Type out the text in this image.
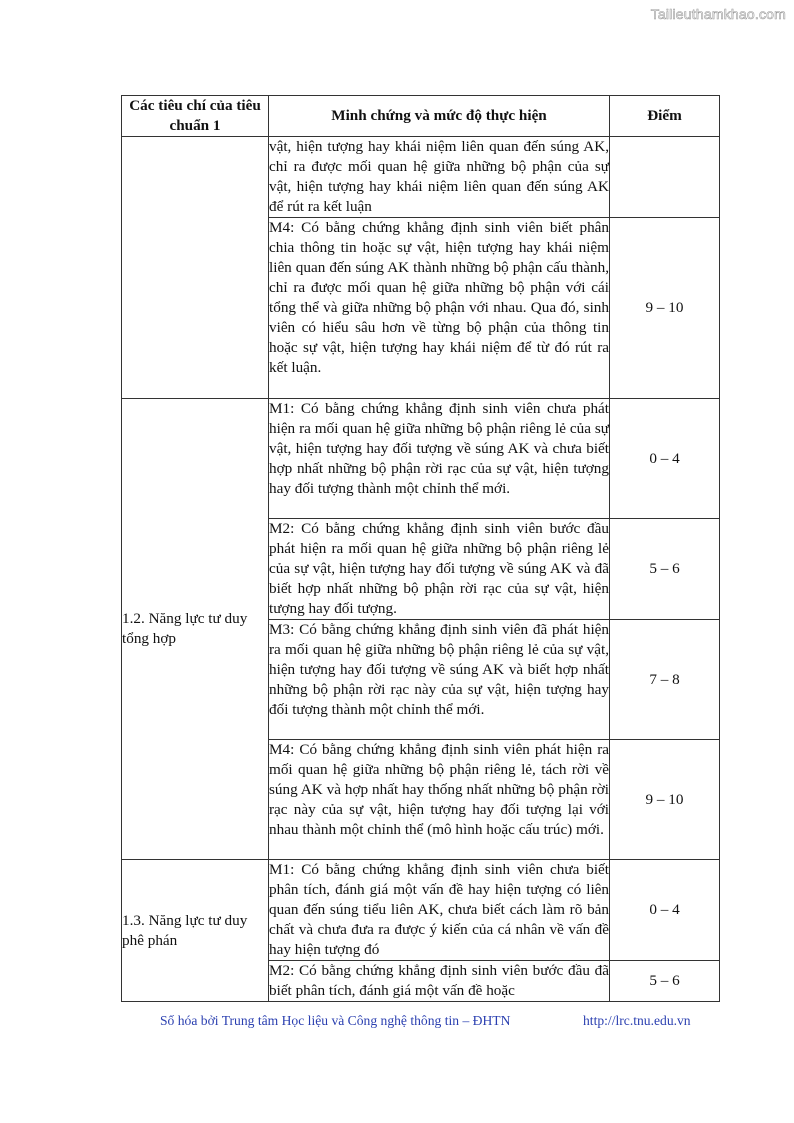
Tailieuthamkhao.com
Các tiêu chí của tiêu chuẩn 1	Minh chứng và mức độ thực hiện	Điểm
	vật, hiện tượng hay khái niệm liên quan đến súng AK, chỉ ra được mối quan hệ giữa những bộ phận của sự vật, hiện tượng hay khái niệm liên quan đến súng AK để rút ra kết luận	
	M4: Có bằng chứng khẳng định sinh viên biết phân chia thông tin hoặc sự vật, hiện tượng hay khái niệm liên quan đến súng AK thành những bộ phận cấu thành, chỉ ra được mối quan hệ giữa những bộ phận với cái tổng thể và giữa những bộ phận với nhau. Qua đó, sinh viên có hiểu sâu hơn về từng bộ phận của thông tin hoặc sự vật, hiện tượng hay khái niệm để từ đó rút ra kết luận.	9 – 10
1.2. Năng lực tư duy tổng hợp	M1: Có bằng chứng khẳng định sinh viên chưa phát hiện ra mối quan hệ giữa những bộ phận riêng lẻ của sự vật, hiện tượng hay đối tượng về súng AK và chưa biết hợp nhất những bộ phận rời rạc của sự vật, hiện tượng hay đối tượng thành một chỉnh thể mới.	0 – 4
	M2: Có bằng chứng khẳng định sinh viên bước đầu phát hiện ra mối quan hệ giữa những bộ phận riêng lẻ của sự vật, hiện tượng hay đối tượng về súng AK và đã biết hợp nhất những bộ phận rời rạc của sự vật, hiện tượng hay đối tượng.	5 – 6
	M3: Có bằng chứng khẳng định sinh viên đã phát hiện ra mối quan hệ giữa những bộ phận riêng lẻ của sự vật, hiện tượng hay đối tượng về súng AK và biết hợp nhất những bộ phận rời rạc này của sự vật, hiện tượng hay đối tượng thành một chỉnh thể mới.	7 – 8
	M4: Có bằng chứng khẳng định sinh viên phát hiện ra mối quan hệ giữa những bộ phận riêng lẻ, tách rời về súng AK và hợp nhất hay thống nhất những bộ phận rời rạc này của sự vật, hiện tượng hay đối tượng lại với nhau thành một chỉnh thể (mô hình hoặc cấu trúc) mới.	9 – 10
1.3. Năng lực tư duy phê phán	M1: Có bằng chứng khẳng định sinh viên chưa biết phân tích, đánh giá một vấn đề hay hiện tượng có liên quan đến súng tiểu liên AK, chưa biết cách làm rõ bản chất và chưa đưa ra được ý kiến của cá nhân về vấn đề hay hiện tượng đó	0 – 4
	M2: Có bằng chứng khẳng định sinh viên bước đầu đã biết phân tích, đánh giá một vấn đề hoặc	5 – 6
Số hóa bởi Trung tâm Học liệu và Công nghệ thông tin – ĐHTN	http://lrc.tnu.edu.vn
